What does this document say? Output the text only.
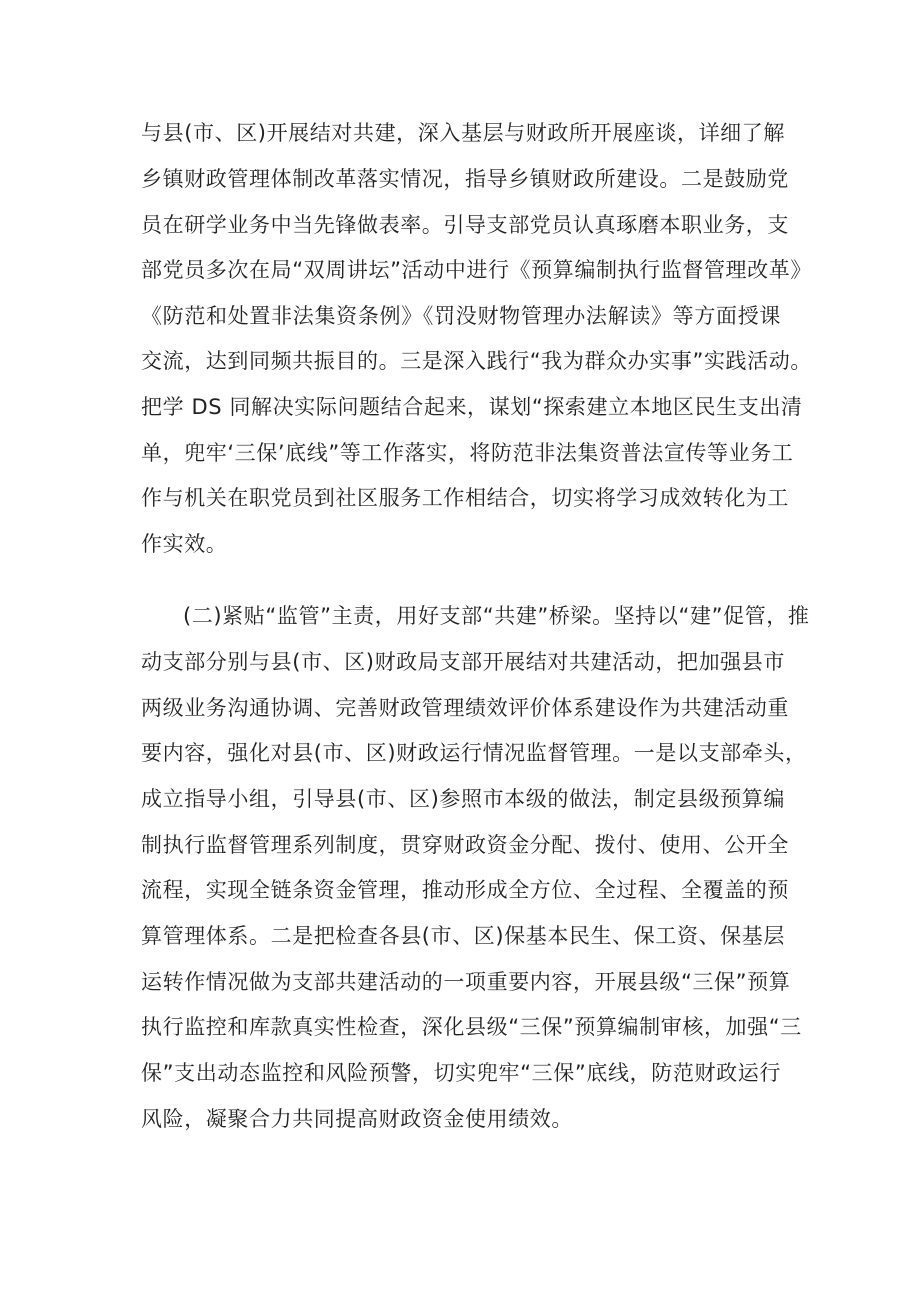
与县(市、区)开展结对共建，深入基层与财政所开展座谈，详细了解
乡镇财政管理体制改革落实情况，指导乡镇财政所建设。二是鼓励党
员在研学业务中当先锋做表率。引导支部党员认真琢磨本职业务，支
部党员多次在局“双周讲坛”活动中进行《预算编制执行监督管理改革》
《防范和处置非法集资条例》《罚没财物管理办法解读》等方面授课
交流，达到同频共振目的。三是深入践行“我为群众办实事”实践活动。
把学 DS 同解决实际问题结合起来，谋划“探索建立本地区民生支出清
单，兜牢‘三保’底线”等工作落实，将防范非法集资普法宣传等业务工
作与机关在职党员到社区服务工作相结合，切实将学习成效转化为工
作实效。
(二)紧贴“监管”主责，用好支部“共建”桥梁。坚持以“建”促管，推
动支部分别与县(市、区)财政局支部开展结对共建活动，把加强县市
两级业务沟通协调、完善财政管理绩效评价体系建设作为共建活动重
要内容，强化对县(市、区)财政运行情况监督管理。一是以支部牵头，
成立指导小组，引导县(市、区)参照市本级的做法，制定县级预算编
制执行监督管理系列制度，贯穿财政资金分配、拨付、使用、公开全
流程，实现全链条资金管理，推动形成全方位、全过程、全覆盖的预
算管理体系。二是把检查各县(市、区)保基本民生、保工资、保基层
运转作情况做为支部共建活动的一项重要内容，开展县级“三保”预算
执行监控和库款真实性检查，深化县级“三保”预算编制审核，加强“三
保”支出动态监控和风险预警，切实兜牢“三保”底线，防范财政运行
风险，凝聚合力共同提高财政资金使用绩效。
